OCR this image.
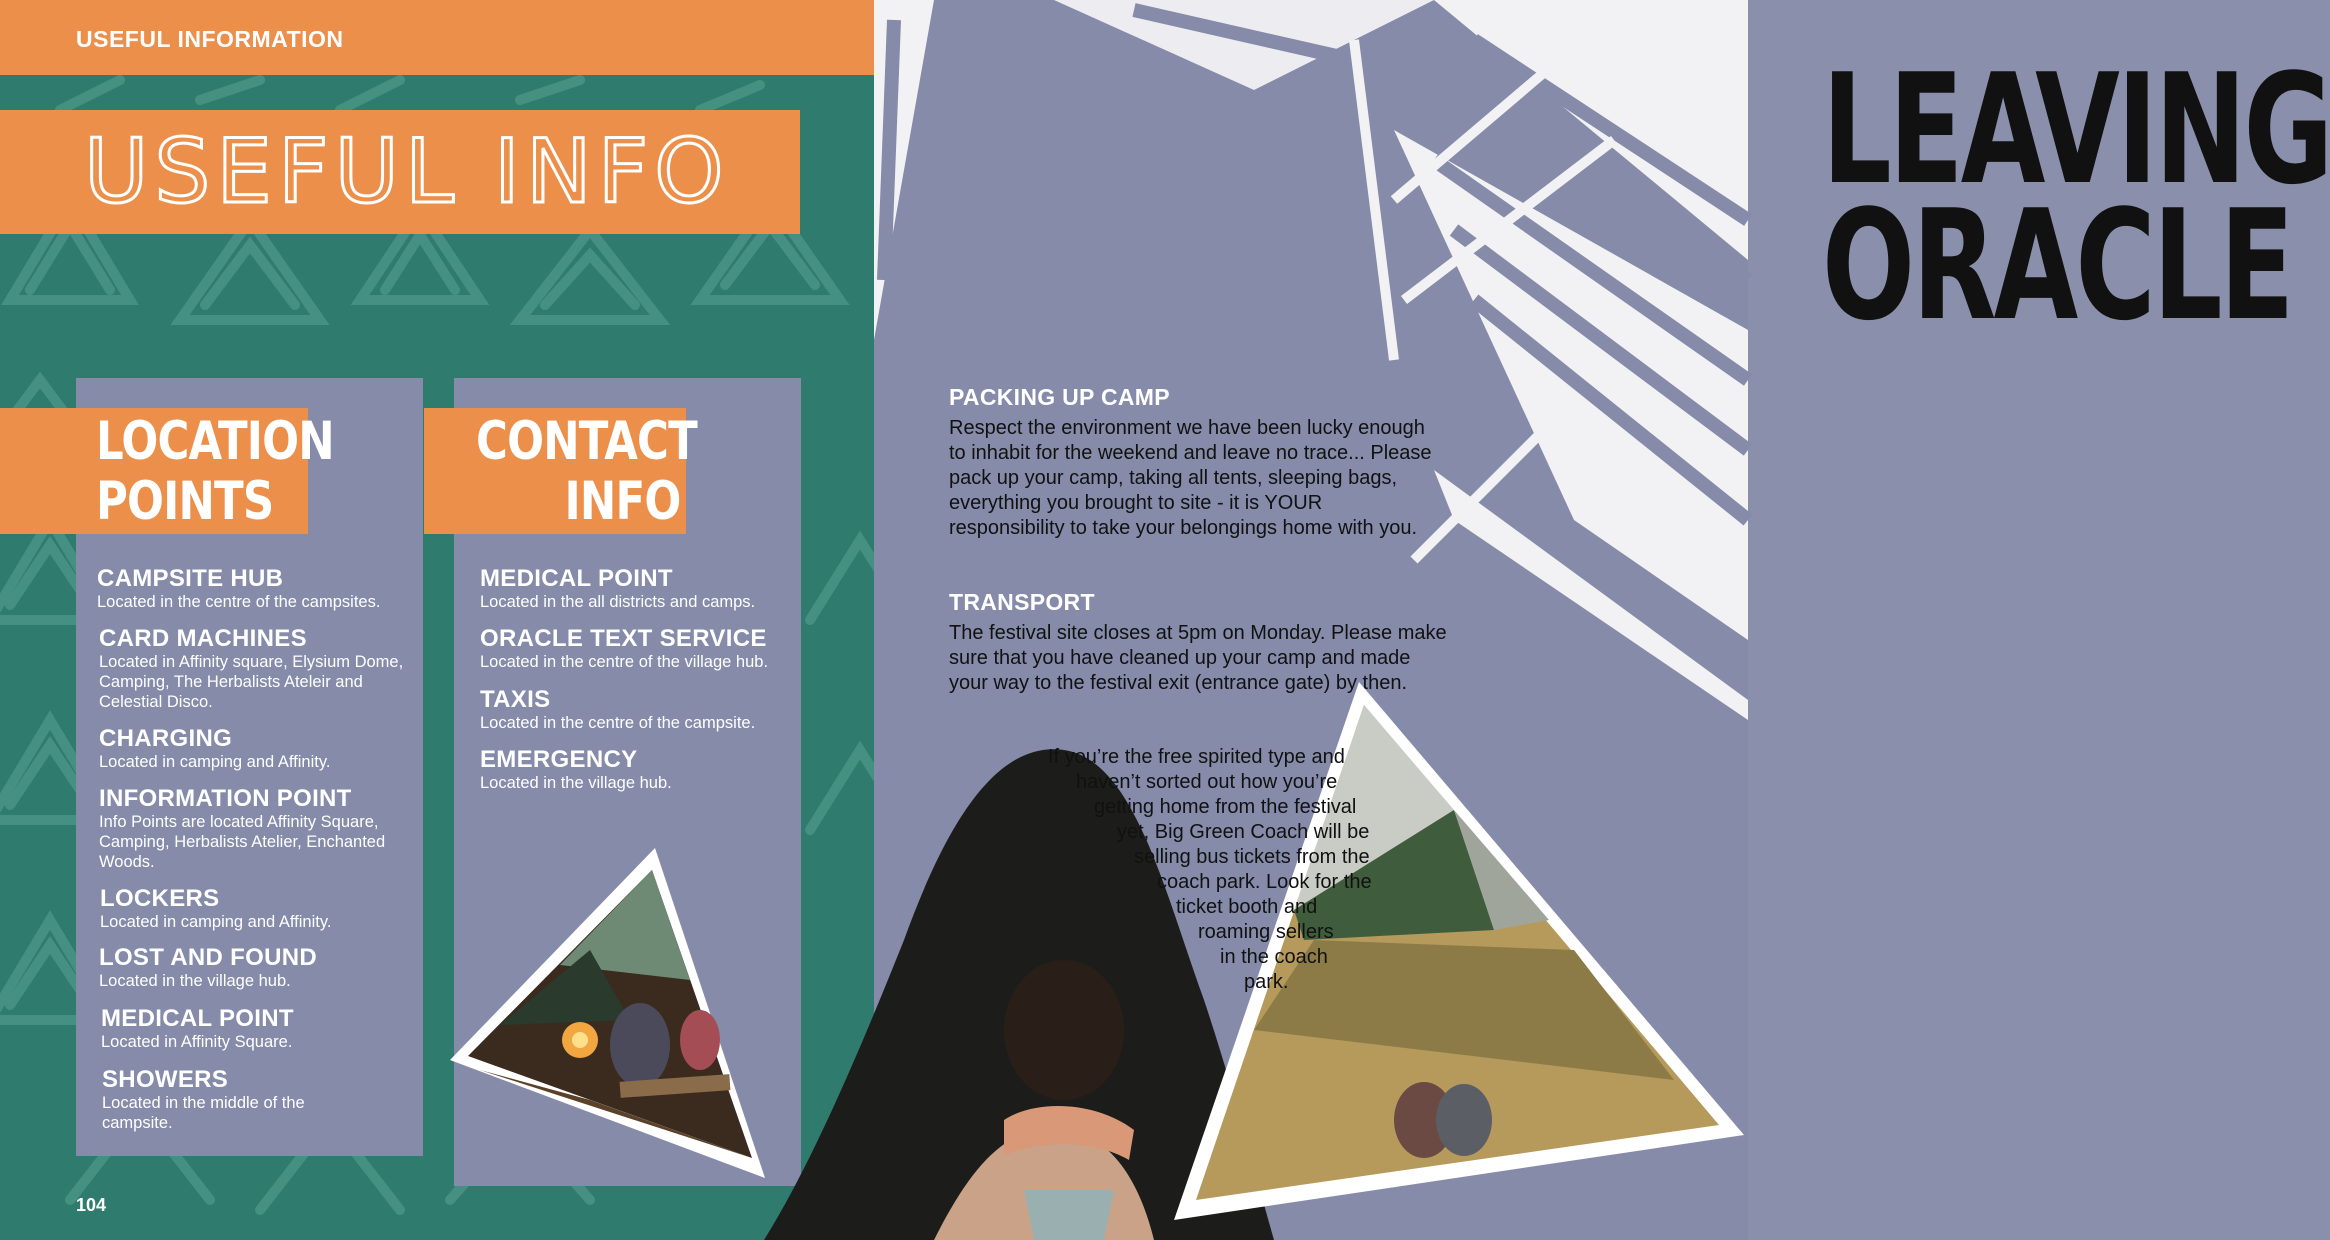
USEFUL INFORMATION
USEFUL INFO
LOCATION
POINTS
CAMPSITE HUB

Located in the centre of the campsites.

CARD MACHINES

Located in Affinity square, Elysium Dome, Camping, The Herbalists Ateleir and Celestial Disco.

CHARGING

Located in camping and Affinity.

INFORMATION POINT

Info Points are located Affinity Square, Camping, Herbalists Atelier, Enchanted Woods.

LOCKERS

Located in camping and Affinity.

LOST AND FOUND

Located in the village hub.

MEDICAL POINT

Located in Affinity Square.

SHOWERS

Located in the middle of the campsite.

CONTACT
INFO
MEDICAL POINT

Located in the all districts and camps.

ORACLE TEXT SERVICE

Located in the centre of the village hub.

TAXIS

Located in the centre of the campsite.

EMERGENCY

Located in the village hub.

104
LEAVING
ORACLE
PACKING UP CAMP
Respect the environment we have been lucky enough to inhabit for the weekend and leave no trace... Please pack up your camp, taking all tents, sleeping bags, everything you brought to site - it is YOUR responsibility to take your belongings home with you.
TRANSPORT
The festival site closes at 5pm on Monday. Please make sure that you have cleaned up your camp and made your way to the festival exit (entrance gate) by then.
If you’re the free spirited type and
haven’t sorted out how you’re
getting home from the festival
yet, Big Green Coach will be
selling bus tickets from the
coach park. Look for the
ticket booth and
roaming sellers
in the coach
park.
